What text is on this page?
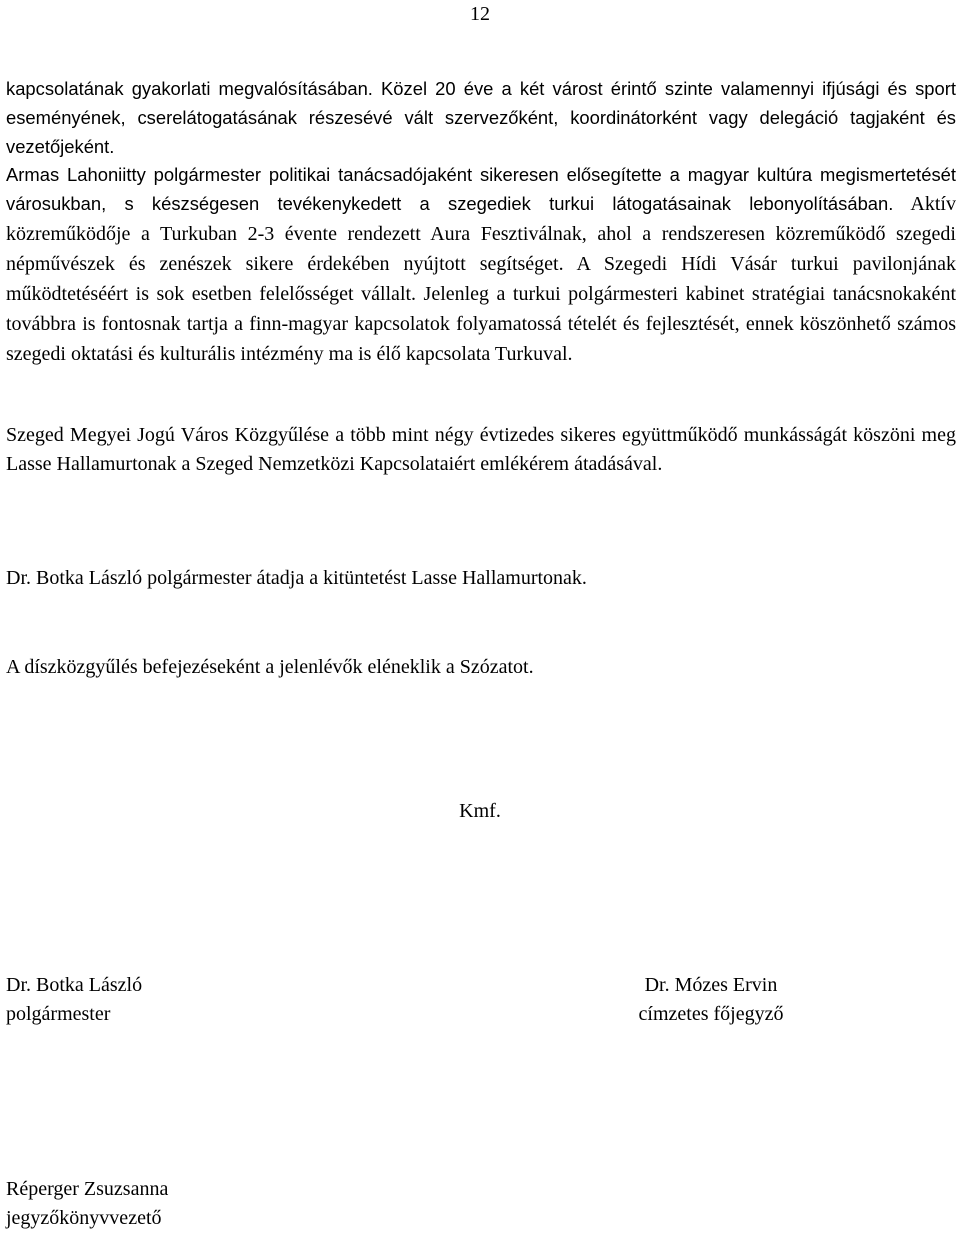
12

kapcsolatának gyakorlati megvalósításában. Közel 20 éve a két várost érintő szinte valamennyi ifjúsági és sport eseményének, cserelátogatásának részesévé vált szervezőként, koordinátorként vagy delegáció tagjaként és vezetőjeként.

Armas Lahoniitty polgármester politikai tanácsadójaként sikeresen elősegítette a magyar kultúra megismertetését városukban, s készségesen tevékenykedett a szegediek turkui látogatásainak lebonyolításában. Aktív közreműködője a Turkuban 2-3 évente rendezett Aura Fesztiválnak, ahol a rendszeresen közreműködő szegedi népművészek és zenészek sikere érdekében nyújtott segítséget. A Szegedi Hídi Vásár turkui pavilonjának működtetéséért is sok esetben felelősséget vállalt. Jelenleg a turkui polgármesteri kabinet stratégiai tanácsnokaként továbbra is fontosnak tartja a finn-magyar kapcsolatok folyamatossá tételét és fejlesztését, ennek köszönhető számos szegedi oktatási és kulturális intézmény ma is élő kapcsolata Turkuval.

Szeged Megyei Jogú Város Közgyűlése a több mint négy évtizedes sikeres együttműködő munkásságát köszöni meg Lasse Hallamurtonak a Szeged Nemzetközi Kapcsolataiért emlékérem átadásával.

Dr. Botka László polgármester átadja a kitüntetést Lasse Hallamurtonak.

A díszközgyűlés befejezéseként a jelenlévők eléneklik a Szózatot.

Kmf.
Dr. Botka László
polgármester
Dr. Mózes Ervin
címzetes főjegyző
Réperger Zsuzsanna
jegyzőkönyvvezető
